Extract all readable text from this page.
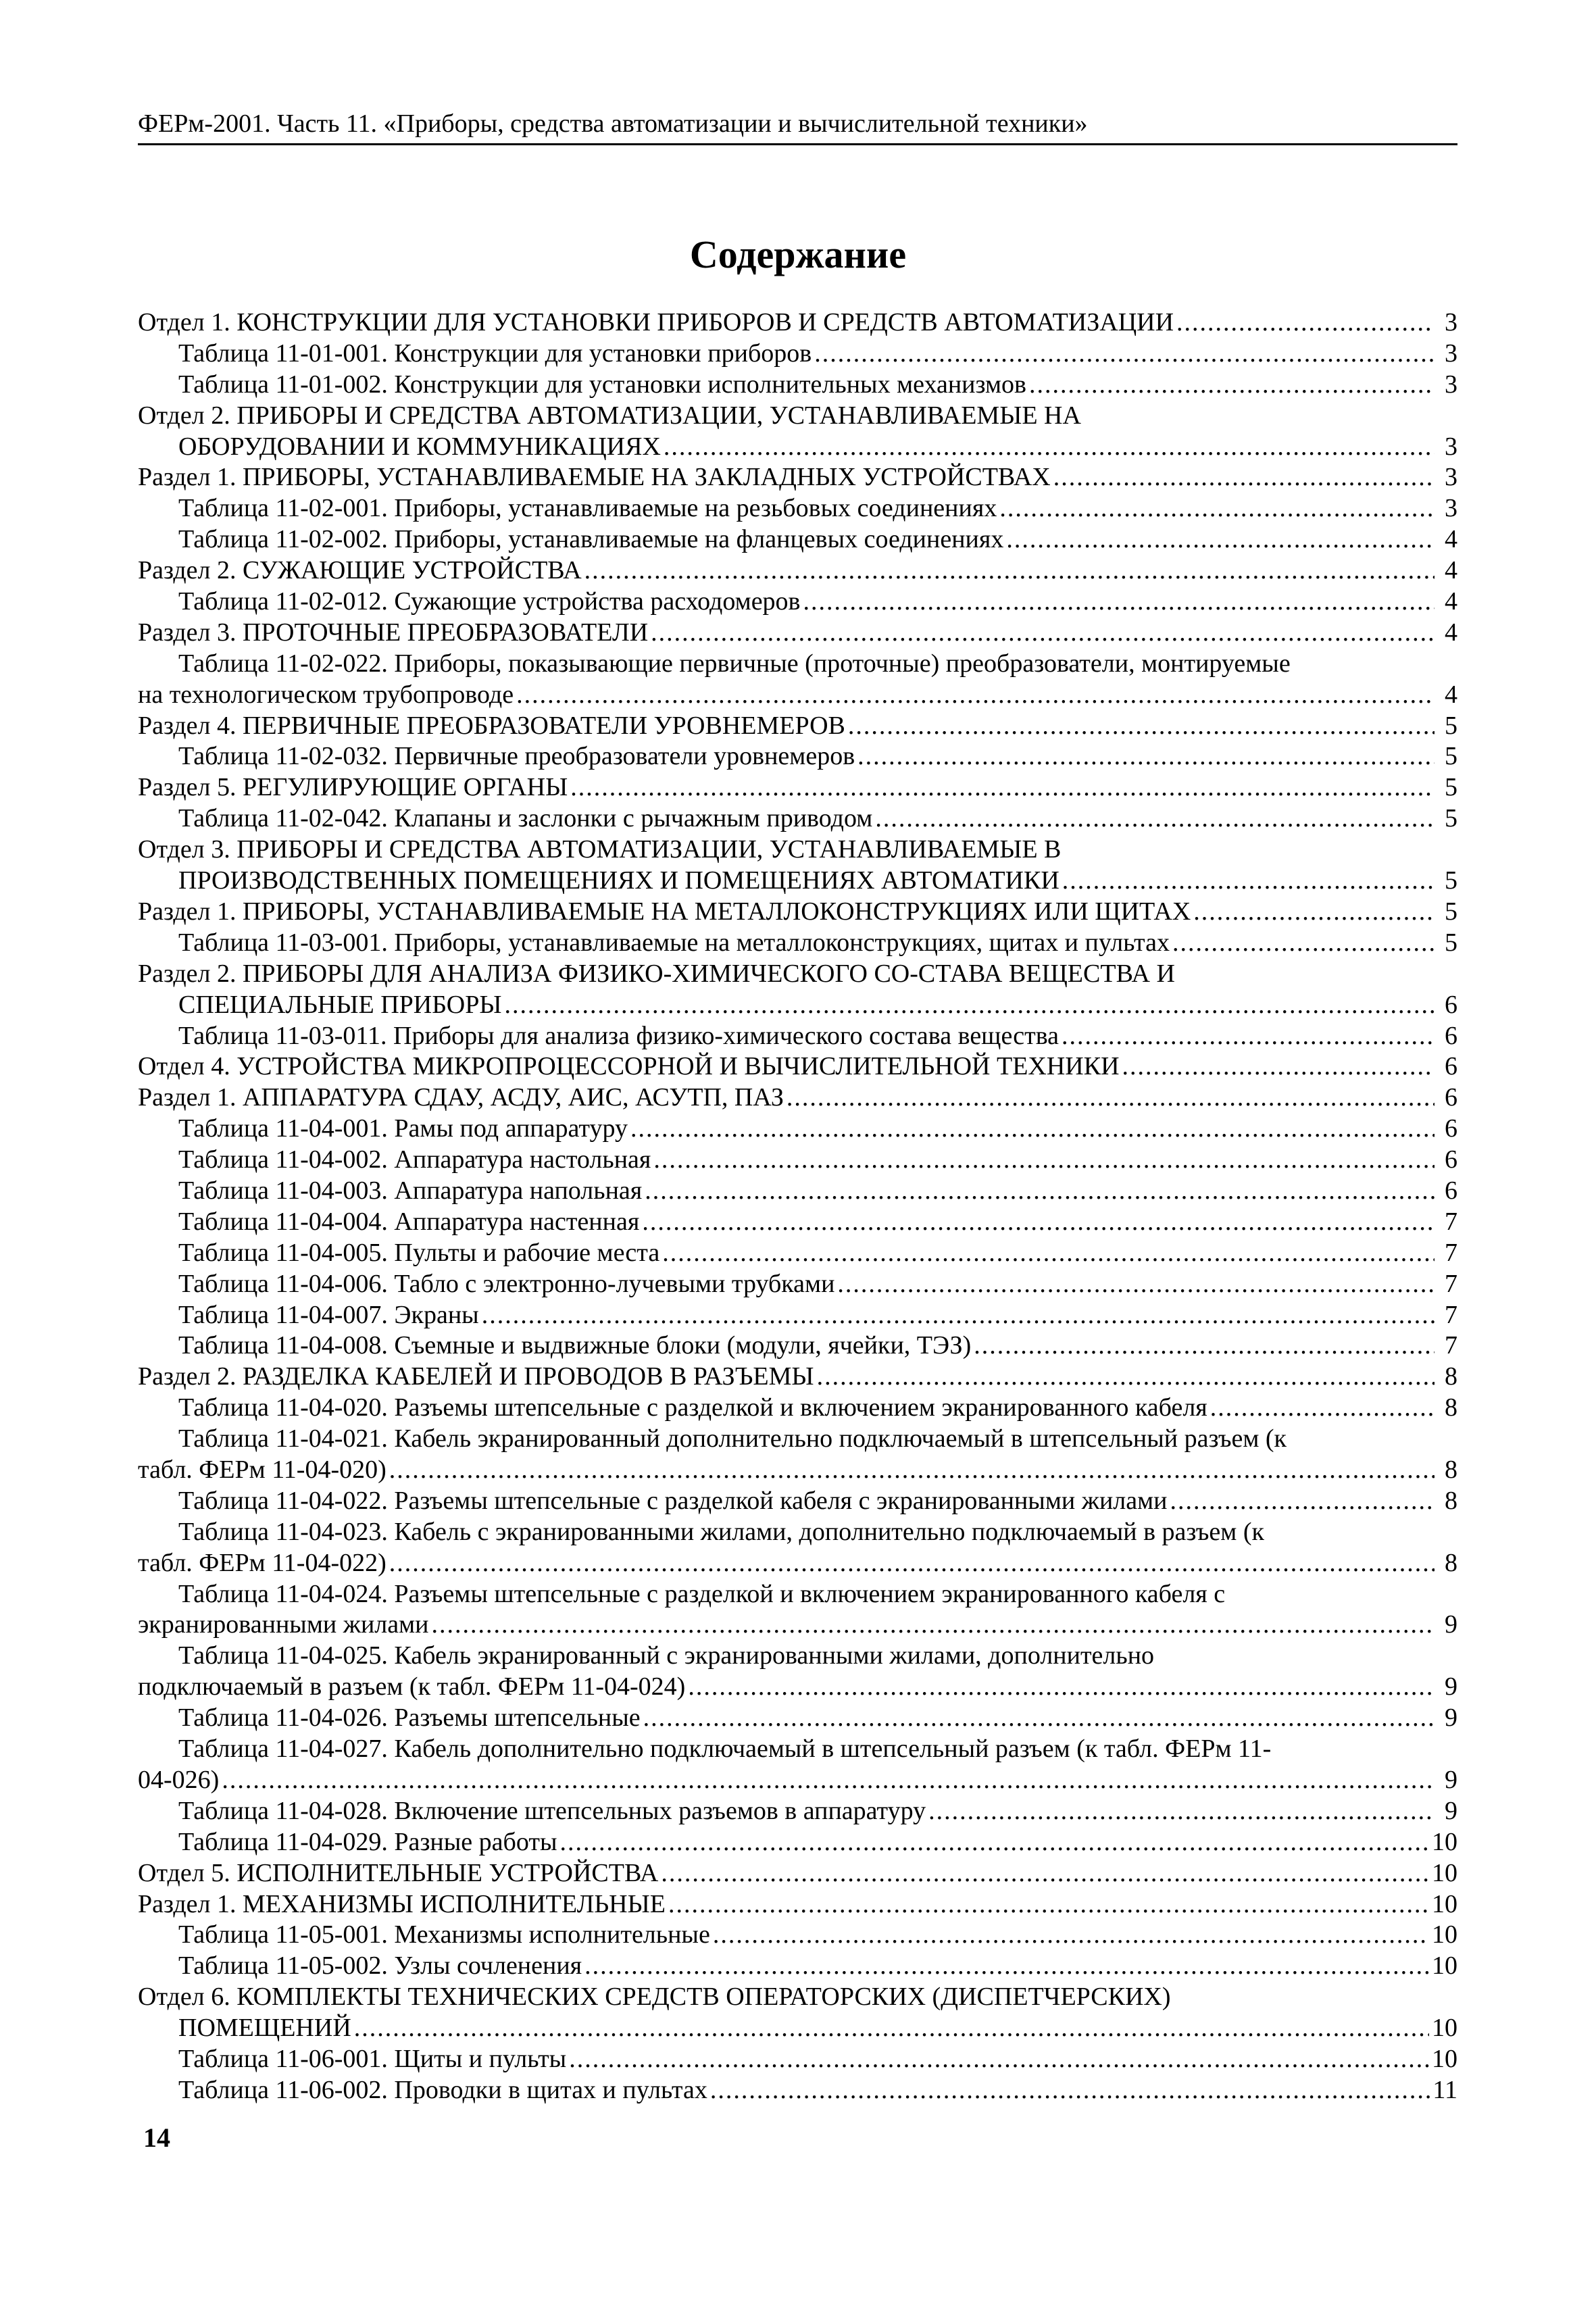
ФЕРм-2001. Часть 11. «Приборы, средства автоматизации и вычислительной техники»
Содержание
Отдел 1. КОНСТРУКЦИИ ДЛЯ УСТАНОВКИ ПРИБОРОВ И СРЕДСТВ АВТОМАТИЗАЦИИ .....	3
Таблица 11-01-001. Конструкции для установки приборов .....	3
Таблица 11-01-002. Конструкции для установки исполнительных механизмов .....	3
Отдел 2. ПРИБОРЫ И СРЕДСТВА АВТОМАТИЗАЦИИ, УСТАНАВЛИВАЕМЫЕ НА
ОБОРУДОВАНИИ И КОММУНИКАЦИЯХ .....	3
Раздел 1. ПРИБОРЫ, УСТАНАВЛИВАЕМЫЕ НА ЗАКЛАДНЫХ УСТРОЙСТВАХ .....	3
Таблица 11-02-001. Приборы, устанавливаемые на резьбовых соединениях .....	3
Таблица 11-02-002. Приборы, устанавливаемые на фланцевых соединениях .....	4
Раздел 2. СУЖАЮЩИЕ УСТРОЙСТВА .....	4
Таблица 11-02-012. Сужающие устройства расходомеров .....	4
Раздел 3. ПРОТОЧНЫЕ ПРЕОБРАЗОВАТЕЛИ .....	4
Таблица 11-02-022. Приборы, показывающие первичные (проточные) преобразователи, монтируемые
на технологическом трубопроводе .....	4
Раздел 4. ПЕРВИЧНЫЕ ПРЕОБРАЗОВАТЕЛИ УРОВНЕМЕРОВ .....	5
Таблица 11-02-032. Первичные преобразователи уровнемеров .....	5
Раздел 5. РЕГУЛИРУЮЩИЕ ОРГАНЫ .....	5
Таблица 11-02-042. Клапаны и заслонки с рычажным приводом .....	5
Отдел 3. ПРИБОРЫ И СРЕДСТВА АВТОМАТИЗАЦИИ, УСТАНАВЛИВАЕМЫЕ В
ПРОИЗВОДСТВЕННЫХ ПОМЕЩЕНИЯХ И ПОМЕЩЕНИЯХ АВТОМАТИКИ .....	5
Раздел 1. ПРИБОРЫ, УСТАНАВЛИВАЕМЫЕ НА МЕТАЛЛОКОНСТРУКЦИЯХ ИЛИ ЩИТАХ .....	5
Таблица 11-03-001. Приборы, устанавливаемые на металлоконструкциях, щитах и пультах .....	5
Раздел 2. ПРИБОРЫ ДЛЯ АНАЛИЗА ФИЗИКО-ХИМИЧЕСКОГО СО-СТАВА ВЕЩЕСТВА И
СПЕЦИАЛЬНЫЕ ПРИБОРЫ .....	6
Таблица 11-03-011. Приборы для анализа физико-химического состава вещества .....	6
Отдел 4. УСТРОЙСТВА МИКРОПРОЦЕССОРНОЙ И ВЫЧИСЛИТЕЛЬНОЙ ТЕХНИКИ .....	6
Раздел 1. АППАРАТУРА СДАУ, АСДУ, АИС, АСУТП, ПАЗ .....	6
Таблица 11-04-001. Рамы под аппаратуру .....	6
Таблица 11-04-002. Аппаратура настольная .....	6
Таблица 11-04-003. Аппаратура напольная .....	6
Таблица 11-04-004. Аппаратура настенная .....	7
Таблица 11-04-005. Пульты и рабочие места .....	7
Таблица 11-04-006. Табло с электронно-лучевыми трубками .....	7
Таблица 11-04-007. Экраны .....	7
Таблица 11-04-008. Съемные и выдвижные блоки (модули, ячейки, ТЭЗ) .....	7
Раздел 2. РАЗДЕЛКА КАБЕЛЕЙ И ПРОВОДОВ В РАЗЪЕМЫ .....	8
Таблица 11-04-020. Разъемы штепсельные с разделкой и включением экранированного кабеля .....	8
Таблица 11-04-021. Кабель экранированный дополнительно подключаемый в штепсельный разъем (к
табл. ФЕРм 11-04-020) .....	8
Таблица 11-04-022. Разъемы штепсельные с разделкой кабеля с экранированными жилами .....	8
Таблица 11-04-023. Кабель с экранированными жилами, дополнительно подключаемый в разъем (к
табл. ФЕРм 11-04-022) .....	8
Таблица 11-04-024. Разъемы штепсельные с разделкой и включением экранированного кабеля с
экранированными жилами .....	9
Таблица 11-04-025. Кабель экранированный с экранированными жилами, дополнительно
подключаемый в разъем (к табл. ФЕРм 11-04-024) .....	9
Таблица 11-04-026. Разъемы штепсельные .....	9
Таблица 11-04-027. Кабель дополнительно подключаемый в штепсельный разъем (к табл. ФЕРм 11-
04-026) .....	9
Таблица 11-04-028. Включение штепсельных разъемов в аппаратуру .....	9
Таблица 11-04-029. Разные работы .....	10
Отдел 5. ИСПОЛНИТЕЛЬНЫЕ УСТРОЙСТВА .....	10
Раздел 1. МЕХАНИЗМЫ ИСПОЛНИТЕЛЬНЫЕ .....	10
Таблица 11-05-001. Механизмы исполнительные .....	10
Таблица 11-05-002. Узлы сочленения .....	10
Отдел 6. КОМПЛЕКТЫ ТЕХНИЧЕСКИХ СРЕДСТВ ОПЕРАТОРСКИХ (ДИСПЕТЧЕРСКИХ)
ПОМЕЩЕНИЙ .....	10
Таблица 11-06-001. Щиты и пульты .....	10
Таблица 11-06-002. Проводки в щитах и пультах .....	11
14
